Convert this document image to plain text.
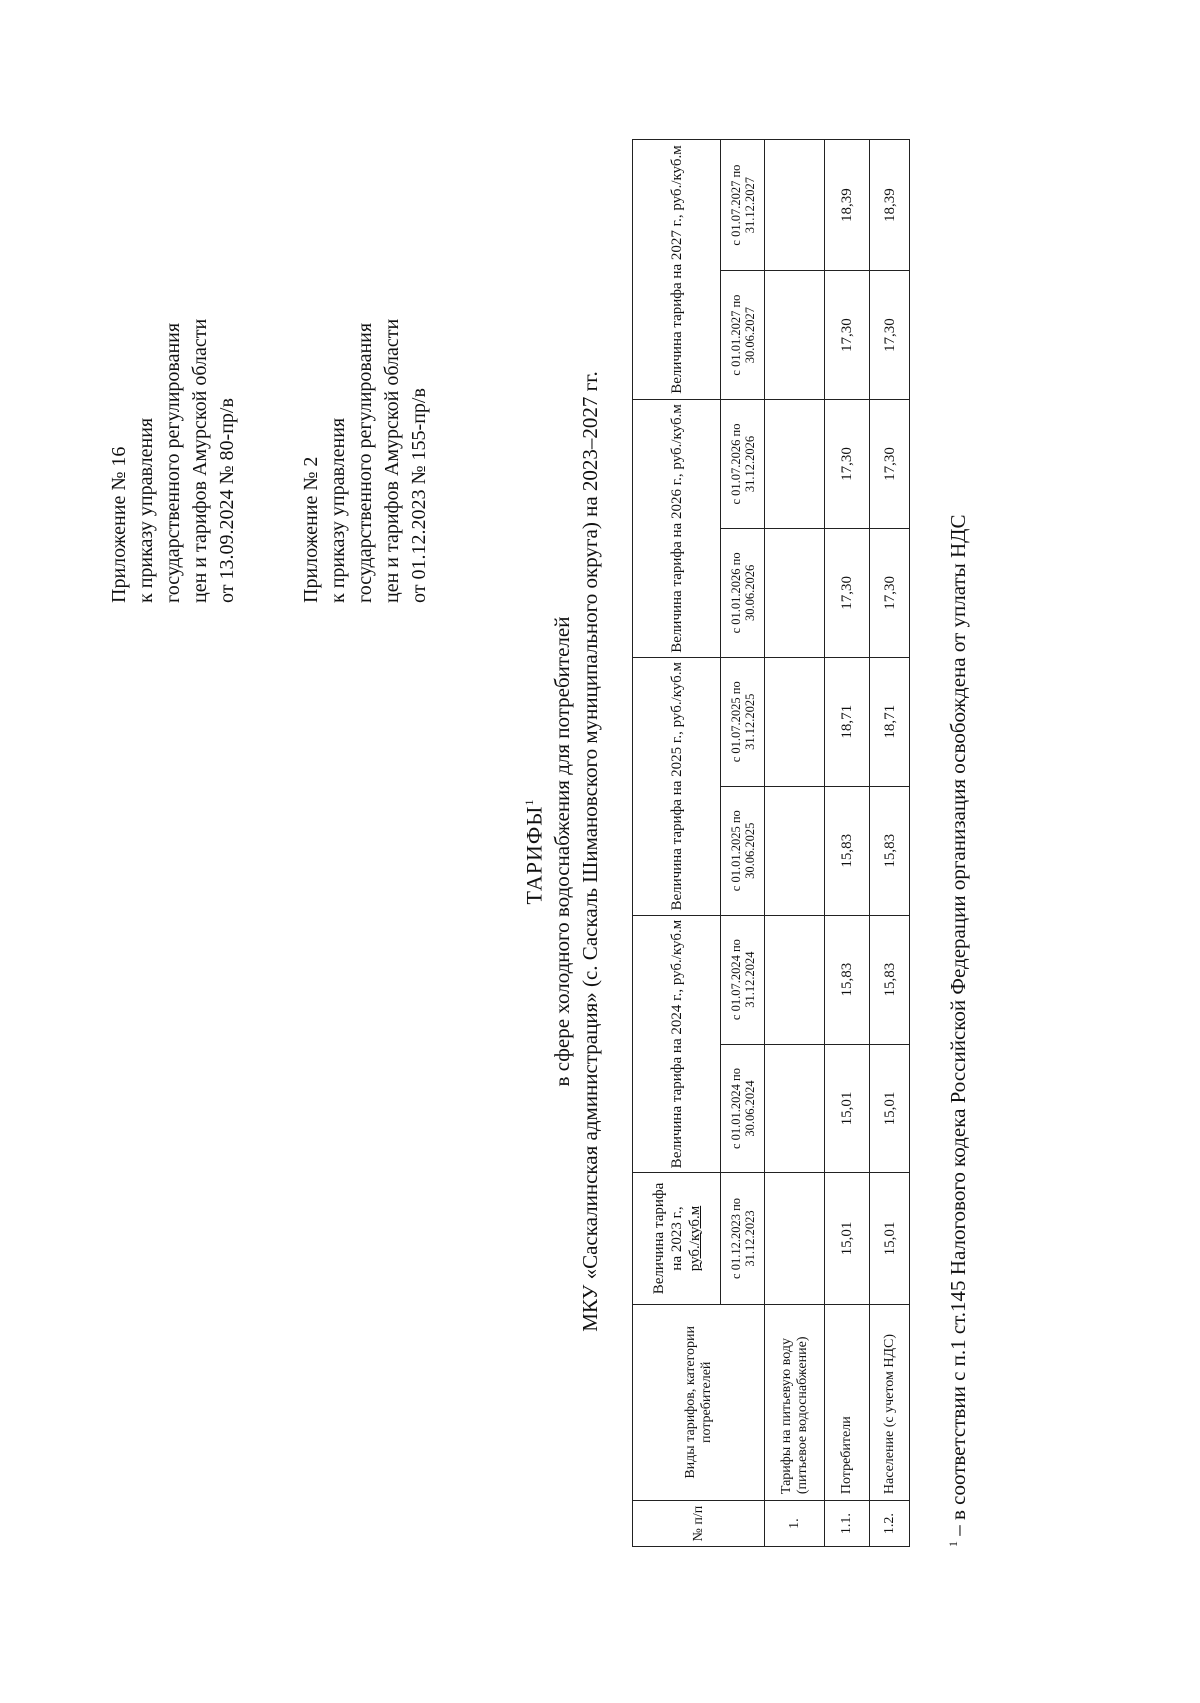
Приложение № 16 к приказу управления государственного регулирования цен и тарифов Амурской области от 13.09.2024 № 80-пр/в	Приложение № 2 к приказу управления государственного регулирования цен и тарифов Амурской области от 01.12.2023 № 155-пр/в
ТАРИФЫ$^1$ в сфере холодного водоснабжения для потребителей МКУ «Саскалинская администрация» (с. Саскаль Шимановского муниципального округа) на 2023–2027 гг.
№ п/п	Виды тарифов, категории потребителей	Величина тарифа на 2023 г., руб./куб.м	Величина тарифа на 2024 г., руб./куб.м		Величина тарифа на 2025 г., руб./куб.м		Величина тарифа на 2026 г., руб./куб.м		Величина тарифа на 2027 г., руб./куб.м	
		с 01.12.2023 по 31.12.2023	с 01.01.2024 по 30.06.2024	с 01.07.2024 по 31.12.2024	с 01.01.2025 по 30.06.2025	с 01.07.2025 по 31.12.2025	с 01.01.2026 по 30.06.2026	с 01.07.2026 по 31.12.2026	с 01.01.2027 по 30.06.2027	с 01.07.2027 по 31.12.2027
1.	Тарифы на питьевую воду (питьевое водоснабжение)									
1.1.	Потребители	15,01	15,01	15,83	15,83	18,71	17,30	17,30	17,30	18,39
1.2.	Население (с учетом НДС)	15,01	15,01	15,83	15,83	18,71	17,30	17,30	17,30	18,39
$^1$ – в соответствии с п.1 ст.145 Налогового кодека Российской Федерации организация освобождена от уплаты НДС
